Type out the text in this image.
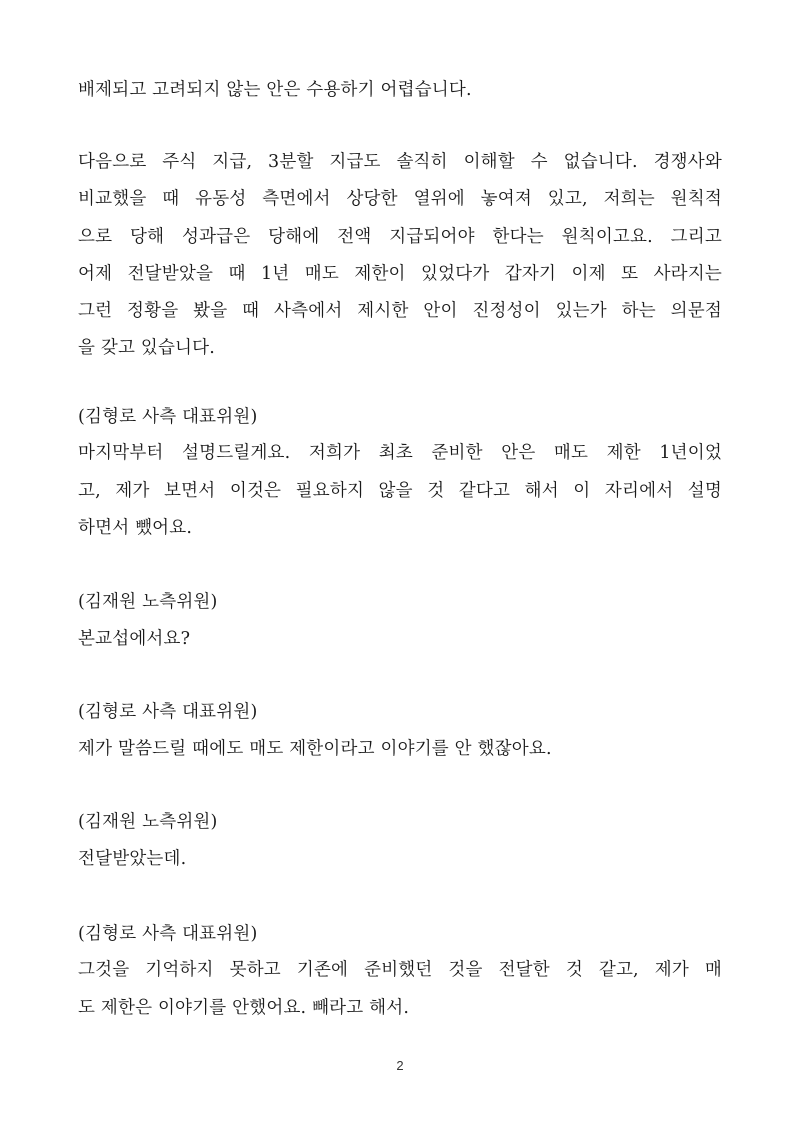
배제되고 고려되지 않는 안은 수용하기 어렵습니다.
다음으로 주식 지급, 3분할 지급도 솔직히 이해할 수 없습니다. 경쟁사와
비교했을 때 유동성 측면에서 상당한 열위에 놓여져 있고, 저희는 원칙적
으로 당해 성과급은 당해에 전액 지급되어야 한다는 원칙이고요. 그리고
어제 전달받았을 때 1년 매도 제한이 있었다가 갑자기 이제 또 사라지는
그런 정황을 봤을 때 사측에서 제시한 안이 진정성이 있는가 하는 의문점
을 갖고 있습니다.
(김형로 사측 대표위원)
마지막부터 설명드릴게요. 저희가 최초 준비한 안은 매도 제한 1년이었
고, 제가 보면서 이것은 필요하지 않을 것 같다고 해서 이 자리에서 설명
하면서 뺐어요.
(김재원 노측위원)
본교섭에서요?
(김형로 사측 대표위원)
제가 말씀드릴 때에도 매도 제한이라고 이야기를 안 했잖아요.
(김재원 노측위원)
전달받았는데.
(김형로 사측 대표위원)
그것을 기억하지 못하고 기존에 준비했던 것을 전달한 것 같고, 제가 매
도 제한은 이야기를 안했어요. 빼라고 해서.
2
